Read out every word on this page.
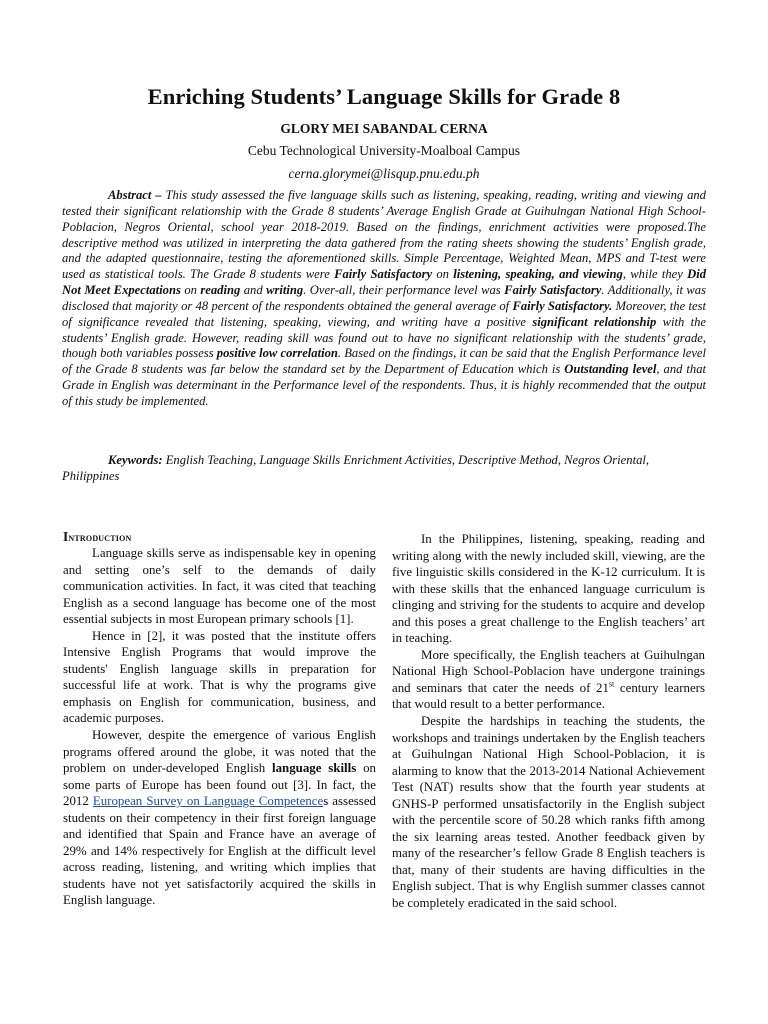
Enriching Students’ Language Skills for Grade 8
GLORY MEI SABANDAL CERNA
Cebu Technological University-Moalboal Campus
cerna.glorymei@lisqup.pnu.edu.ph
Abstract – This study assessed the five language skills such as listening, speaking, reading, writing and viewing and tested their significant relationship with the Grade 8 students’ Average English Grade at Guihulngan National High School-Poblacion, Negros Oriental, school year 2018-2019. Based on the findings, enrichment activities were proposed.The descriptive method was utilized in interpreting the data gathered from the rating sheets showing the students’ English grade, and the adapted questionnaire, testing the aforementioned skills. Simple Percentage, Weighted Mean, MPS and T-test were used as statistical tools. The Grade 8 students were Fairly Satisfactory on listening, speaking, and viewing, while they Did Not Meet Expectations on reading and writing. Over-all, their performance level was Fairly Satisfactory. Additionally, it was disclosed that majority or 48 percent of the respondents obtained the general average of Fairly Satisfactory. Moreover, the test of significance revealed that listening, speaking, viewing, and writing have a positive significant relationship with the students’ English grade. However, reading skill was found out to have no significant relationship with the students’ grade, though both variables possess positive low correlation. Based on the findings, it can be said that the English Performance level of the Grade 8 students was far below the standard set by the Department of Education which is Outstanding level, and that Grade in English was determinant in the Performance level of the respondents. Thus, it is highly recommended that the output of this study be implemented.
Keywords: English Teaching, Language Skills Enrichment Activities, Descriptive Method, Negros Oriental, Philippines

Introduction

Language skills serve as indispensable key in opening and setting one’s self to the demands of daily communication activities. In fact, it was cited that teaching English as a second language has become one of the most essential subjects in most European primary schools [1].

Hence in [2], it was posted that the institute offers Intensive English Programs that would improve the students' English language skills in preparation for successful life at work. That is why the programs give emphasis on English for communication, business, and academic purposes.

However, despite the emergence of various English programs offered around the globe, it was noted that the problem on under-developed English language skills on some parts of Europe has been found out [3]. In fact, the 2012 European Survey on Language Competences assessed students on their competency in their first foreign language and identified that Spain and France have an average of 29% and 14% respectively for English at the difficult level across reading, listening, and writing which implies that students have not yet satisfactorily acquired the skills in English language.

In the Philippines, listening, speaking, reading and writing along with the newly included skill, viewing, are the five linguistic skills considered in the K-12 curriculum. It is with these skills that the enhanced language curriculum is clinging and striving for the students to acquire and develop and this poses a great challenge to the English teachers’ art in teaching.

More specifically, the English teachers at Guihulngan National High School-Poblacion have undergone trainings and seminars that cater the needs of 21st century learners that would result to a better performance.

Despite the hardships in teaching the students, the workshops and trainings undertaken by the English teachers at Guihulngan National High School-Poblacion, it is alarming to know that the 2013-2014 National Achievement Test (NAT) results show that the fourth year students at GNHS-P performed unsatisfactorily in the English subject with the percentile score of 50.28 which ranks fifth among the six learning areas tested. Another feedback given by many of the researcher’s fellow Grade 8 English teachers is that, many of their students are having difficulties in the English subject. That is why English summer classes cannot be completely eradicated in the said school.
